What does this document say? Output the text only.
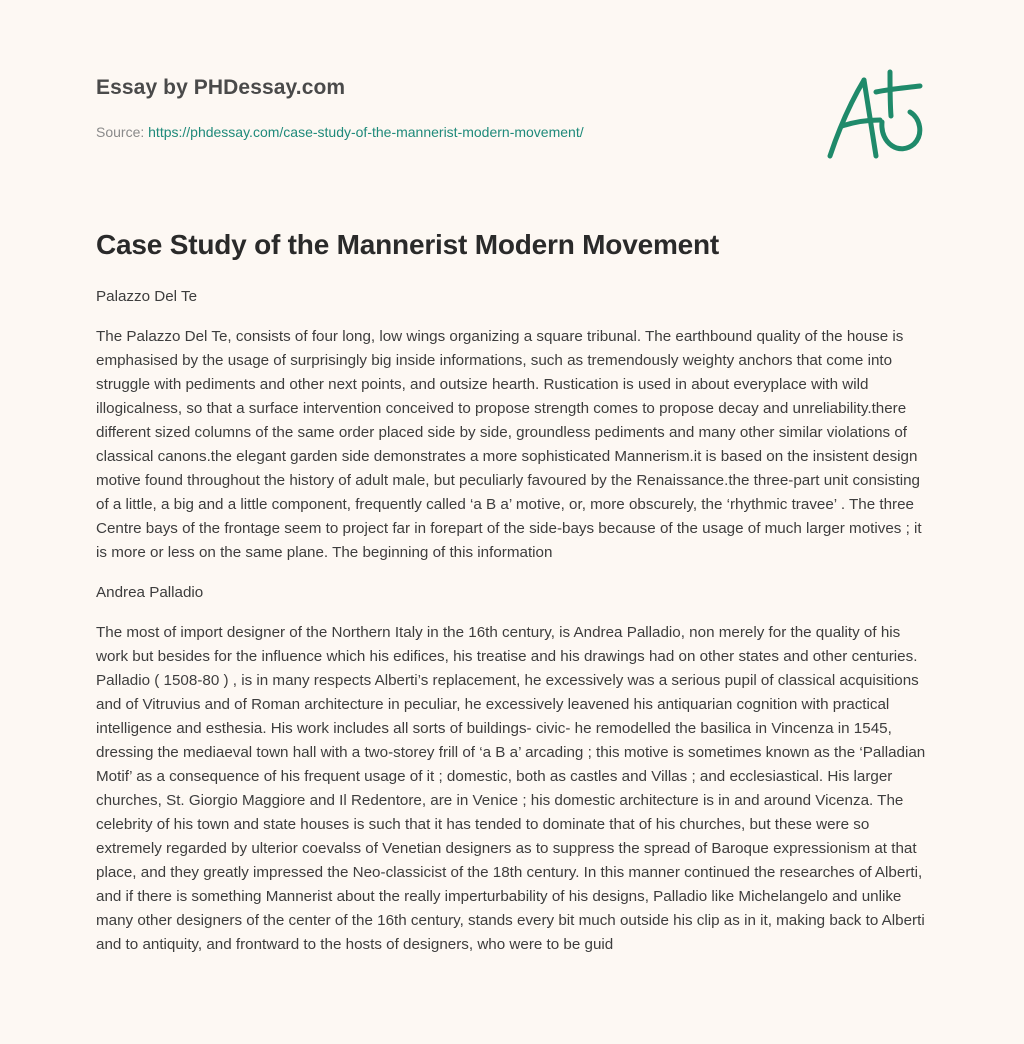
Essay by PHDessay.com
Source: https://phdessay.com/case-study-of-the-mannerist-modern-movement/
Case Study of the Mannerist Modern Movement

Palazzo Del Te

The Palazzo Del Te, consists of four long, low wings organizing a square tribunal. The earthbound quality of the house is emphasised by the usage of surprisingly big inside informations, such as tremendously weighty anchors that come into struggle with pediments and other next points, and outsize hearth. Rustication is used in about everyplace with wild illogicalness, so that a surface intervention conceived to propose strength comes to propose decay and unreliability.there different sized columns of the same order placed side by side, groundless pediments and many other similar violations of classical canons.the elegant garden side demonstrates a more sophisticated Mannerism.it is based on the insistent design motive found throughout the history of adult male, but peculiarly favoured by the Renaissance.the three-part unit consisting of a little, a big and a little component, frequently called ‘a B a’ motive, or, more obscurely, the ‘rhythmic travee’ . The three Centre bays of the frontage seem to project far in forepart of the side-bays because of the usage of much larger motives ; it is more or less on the same plane. The beginning of this information

Andrea Palladio

The most of import designer of the Northern Italy in the 16th century, is Andrea Palladio, non merely for the quality of his work but besides for the influence which his edifices, his treatise and his drawings had on other states and other centuries. Palladio ( 1508-80 ) , is in many respects Alberti’s replacement, he excessively was a serious pupil of classical acquisitions and of Vitruvius and of Roman architecture in peculiar, he excessively leavened his antiquarian cognition with practical intelligence and esthesia. His work includes all sorts of buildings- civic- he remodelled the basilica in Vincenza in 1545, dressing the mediaeval town hall with a two-storey frill of ‘a B a’ arcading ; this motive is sometimes known as the ‘Palladian Motif’ as a consequence of his frequent usage of it ; domestic, both as castles and Villas ; and ecclesiastical. His larger churches, St. Giorgio Maggiore and Il Redentore, are in Venice ; his domestic architecture is in and around Vicenza. The celebrity of his town and state houses is such that it has tended to dominate that of his churches, but these were so extremely regarded by ulterior coevalss of Venetian designers as to suppress the spread of Baroque expressionism at that place, and they greatly impressed the Neo-classicist of the 18th century. In this manner continued the researches of Alberti, and if there is something Mannerist about the really imperturbability of his designs, Palladio like Michelangelo and unlike many other designers of the center of the 16th century, stands every bit much outside his clip as in it, making back to Alberti and to antiquity, and frontward to the hosts of designers, who were to be guid
